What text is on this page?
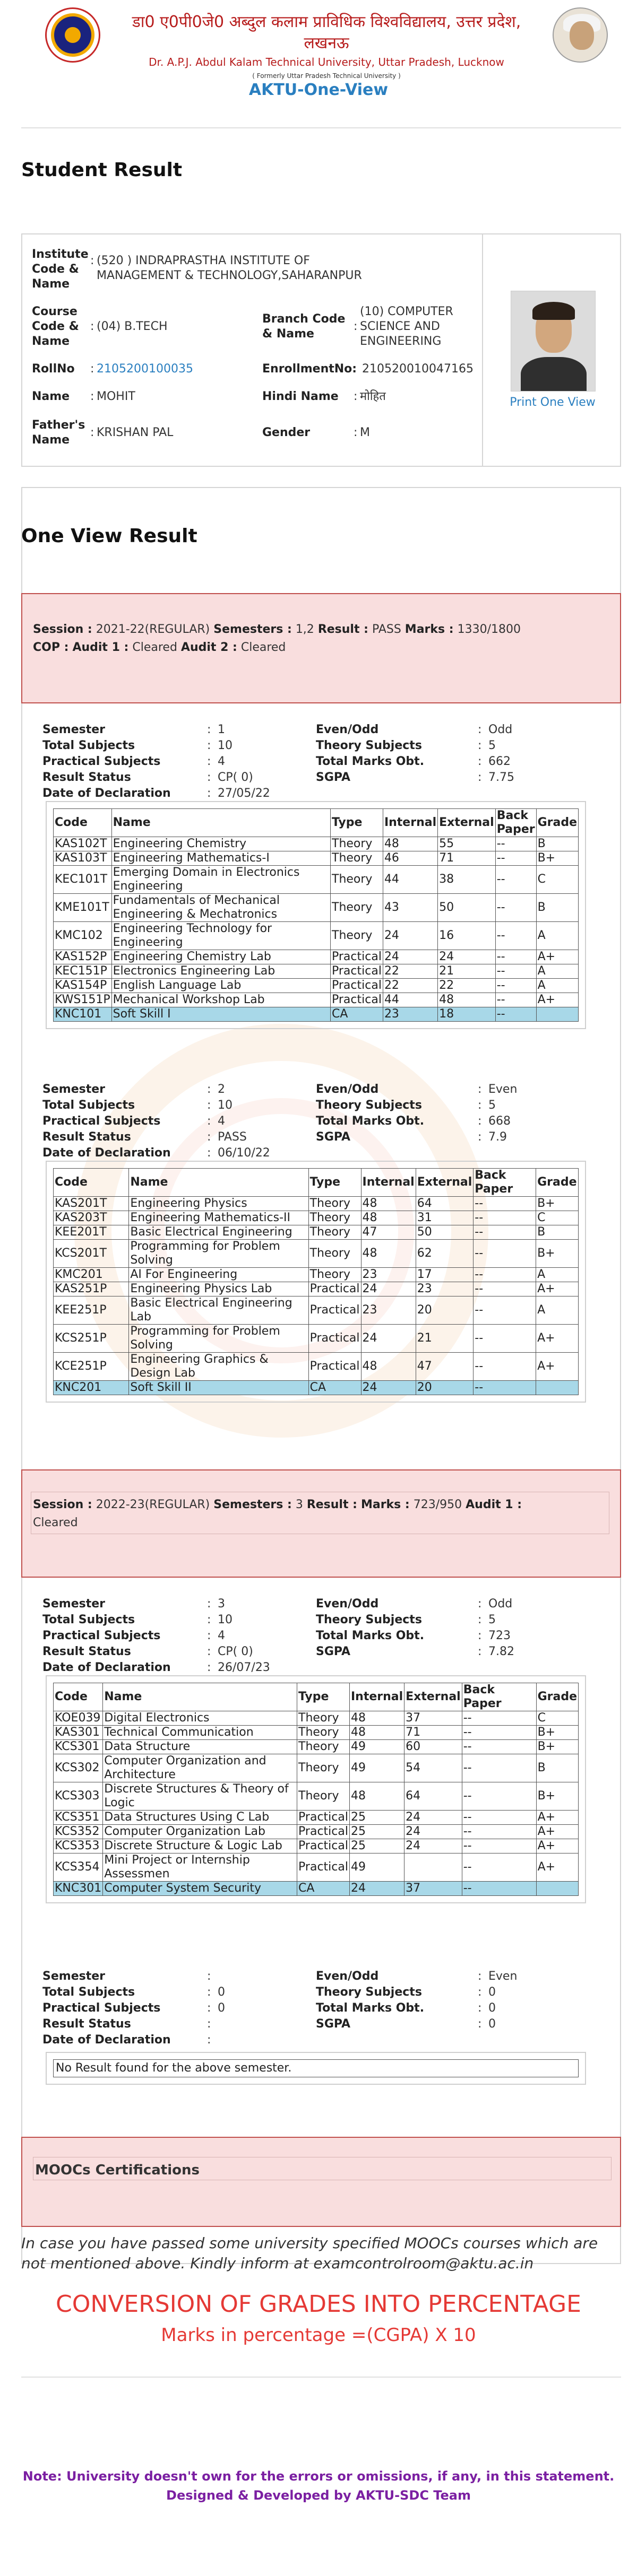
डा0 ए0पी0जे0 अब्दुल कलाम प्राविधिक विश्वविद्यालय, उत्तर प्रदेश, लखनऊ
Dr. A.P.J. Abdul Kalam Technical University, Uttar Pradesh, Lucknow
( Formerly Uttar Pradesh Technical University )
AKTU-One-View
Student Result
Institute Code & Name
: (520 ) INDRAPRASTHA INSTITUTE OF MANAGEMENT & TECHNOLOGY,SAHARANPUR
Course Code & Name
: (04) B.TECH
Branch Code & Name
:
(10) COMPUTER SCIENCE AND ENGINEERING
RollNo : 2105200100035	EnrollmentNo: 210520010047165
Name : MOHIT	Hindi Name : मोहित
Father's Name
: KRISHAN PAL	Gender	: M
Print One View
One View Result
Session : 2021-22(REGULAR) Semesters : 1,2 Result : PASS Marks : 1330/1800
COP : Audit 1 : Cleared Audit 2 : Cleared
Session : 2022-23(REGULAR) Semesters : 3 Result : Marks : 723/950 Audit 1 :
Cleared
MOOCs Certifications
In case you have passed some university specified MOOCs courses which are not mentioned above. Kindly inform at examcontrolroom@aktu.ac.in
CONVERSION OF GRADES INTO PERCENTAGE
Marks in percentage =(CGPA) X 10
Note: University doesn't own for the errors or omissions, if any, in this statement.
Designed & Developed by AKTU-SDC Team
Semester	: 1	Even/Odd	: Odd
Total Subjects	: 10	Theory Subjects	: 5
Practical Subjects	: 4	Total Marks Obt.	: 662
Result Status	: CP( 0)	SGPA	: 7.75
Date of Declaration	: 27/05/22
Code	Name	Type	Internal	External	Back Paper	Grade
KAS102T	Engineering Chemistry	Theory	48	55	--	B
KAS103T	Engineering Mathematics-I	Theory	46	71	--	B+
KEC101T	Emerging Domain in Electronics Engineering	Theory	44	38	--	C
KME101T	Fundamentals of Mechanical Engineering & Mechatronics	Theory	43	50	--	B
KMC102	Engineering Technology for Engineering	Theory	24	16	--	A
KAS152P	Engineering Chemistry Lab	Practical	24	24	--	A+
KEC151P	Electronics Engineering Lab	Practical	22	21	--	A
KAS154P	English Language Lab	Practical	22	22	--	A
KWS151P	Mechanical Workshop Lab	Practical	44	48	--	A+
KNC101	Soft Skill I	CA	23	18	--	
Semester	: 2	Even/Odd	: Even
Total Subjects	: 10	Theory Subjects	: 5
Practical Subjects	: 4	Total Marks Obt.	: 668
Result Status	: PASS	SGPA	: 7.9
Date of Declaration	: 06/10/22
Code	Name	Type	Internal	External	Back Paper	Grade
KAS201T	Engineering Physics	Theory	48	64	--	B+
KAS203T	Engineering Mathematics-II	Theory	48	31	--	C
KEE201T	Basic Electrical Engineering	Theory	47	50	--	B
KCS201T	Programming for Problem Solving	Theory	48	62	--	B+
KMC201	AI For Engineering	Theory	23	17	--	A
KAS251P	Engineering Physics Lab	Practical	24	23	--	A+
KEE251P	Basic Electrical Engineering Lab	Practical	23	20	--	A
KCS251P	Programming for Problem Solving	Practical	24	21	--	A+
KCE251P	Engineering Graphics & Design Lab	Practical	48	47	--	A+
KNC201	Soft Skill II	CA	24	20	--	
Semester	: 3	Even/Odd	: Odd
Total Subjects	: 10	Theory Subjects	: 5
Practical Subjects	: 4	Total Marks Obt.	: 723
Result Status	: CP( 0)	SGPA	: 7.82
Date of Declaration	: 26/07/23
Code	Name	Type	Internal	External	Back Paper	Grade
KOE039	Digital Electronics	Theory	48	37	--	C
KAS301	Technical Communication	Theory	48	71	--	B+
KCS301	Data Structure	Theory	49	60	--	B+
KCS302	Computer Organization and Architecture	Theory	49	54	--	B
KCS303	Discrete Structures & Theory of Logic	Theory	48	64	--	B+
KCS351	Data Structures Using C Lab	Practical	25	24	--	A+
KCS352	Computer Organization Lab	Practical	25	24	--	A+
KCS353	Discrete Structure & Logic Lab	Practical	25	24	--	A+
KCS354	Mini Project or Internship Assessmen	Practical	49		--	A+
KNC301	Computer System Security	CA	24	37	--	
Semester	:	Even/Odd	: Even
Total Subjects	: 0	Theory Subjects	: 0
Practical Subjects	: 0	Total Marks Obt.	: 0
Result Status	:	SGPA	: 0
Date of Declaration	:
No Result found for the above semester.
